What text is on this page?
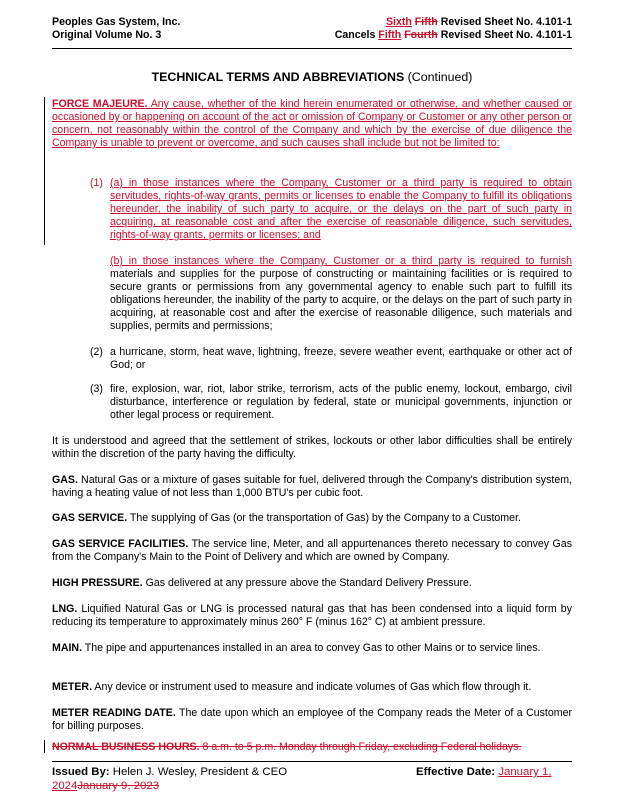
Peoples Gas System, Inc.
Original Volume No. 3
Sixth Fifth Revised Sheet No. 4.101-1
Cancels Fifth Fourth Revised Sheet No. 4.101-1
TECHNICAL TERMS AND ABBREVIATIONS (Continued)
FORCE MAJEURE. Any cause, whether of the kind herein enumerated or otherwise, and whether caused or occasioned by or happening on account of the act or omission of Company or Customer or any other person or concern, not reasonably within the control of the Company and which by the exercise of due diligence the Company is unable to prevent or overcome, and such causes shall include but not be limited to:
(1) (a) in those instances where the Company, Customer or a third party is required to obtain servitudes, rights-of-way grants, permits or licenses to enable the Company to fulfill its obligations hereunder, the inability of such party to acquire, or the delays on the part of such party in acquiring, at reasonable cost and after the exercise of reasonable diligence, such servitudes, rights-of-way grants, permits or licenses; and
(b) in those instances where the Company, Customer or a third party is required to furnish materials and supplies for the purpose of constructing or maintaining facilities or is required to secure grants or permissions from any governmental agency to enable such part to fulfill its obligations hereunder, the inability of the party to acquire, or the delays on the part of such party in acquiring, at reasonable cost and after the exercise of reasonable diligence, such materials and supplies, permits and permissions;
(2) a hurricane, storm, heat wave, lightning, freeze, severe weather event, earthquake or other act of God; or
(3) fire, explosion, war, riot, labor strike, terrorism, acts of the public enemy, lockout, embargo, civil disturbance, interference or regulation by federal, state or municipal governments, injunction or other legal process or requirement.
It is understood and agreed that the settlement of strikes, lockouts or other labor difficulties shall be entirely within the discretion of the party having the difficulty.
GAS. Natural Gas or a mixture of gases suitable for fuel, delivered through the Company's distribution system, having a heating value of not less than 1,000 BTU's per cubic foot.
GAS SERVICE. The supplying of Gas (or the transportation of Gas) by the Company to a Customer.
GAS SERVICE FACILITIES. The service line, Meter, and all appurtenances thereto necessary to convey Gas from the Company's Main to the Point of Delivery and which are owned by Company.
HIGH PRESSURE. Gas delivered at any pressure above the Standard Delivery Pressure.
LNG. Liquified Natural Gas or LNG is processed natural gas that has been condensed into a liquid form by reducing its temperature to approximately minus 260° F (minus 162° C) at ambient pressure.
MAIN. The pipe and appurtenances installed in an area to convey Gas to other Mains or to service lines.
METER. Any device or instrument used to measure and indicate volumes of Gas which flow through it.
METER READING DATE. The date upon which an employee of the Company reads the Meter of a Customer for billing purposes.
NORMAL BUSINESS HOURS. 8 a.m. to 5 p.m. Monday through Friday, excluding Federal holidays.
Issued By: Helen J. Wesley, President & CEO	Effective Date: January 1,
2024January 9, 2023
